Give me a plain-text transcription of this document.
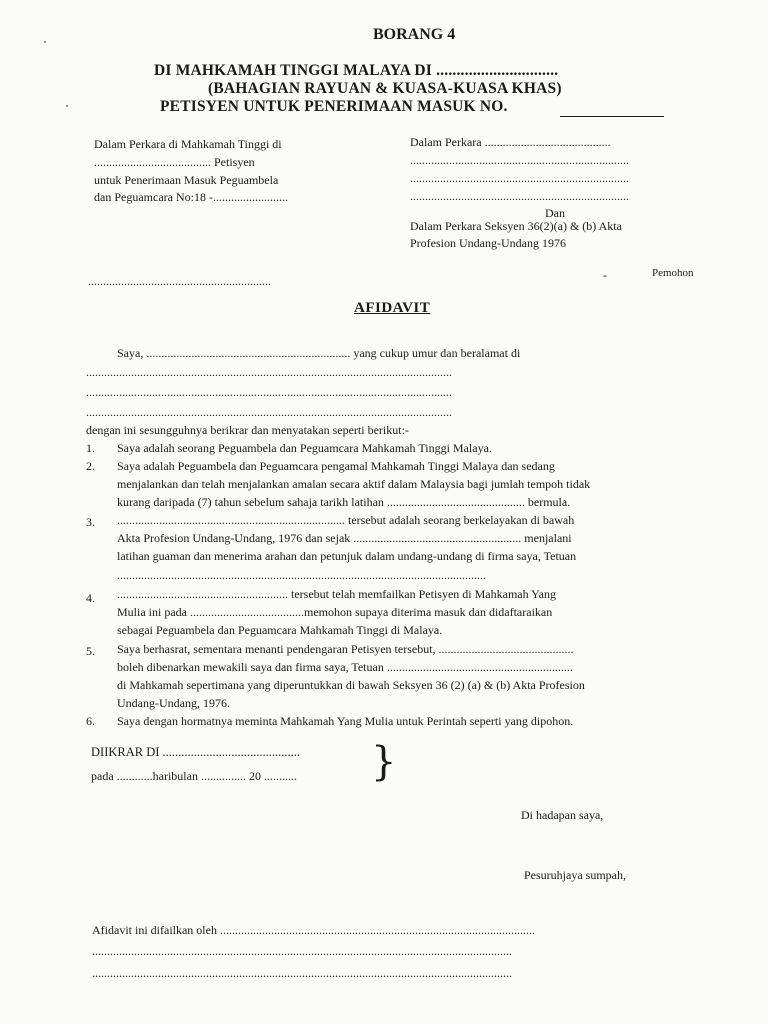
BORANG 4
DI MAHKAMAH TINGGI MALAYA DI ..............................
(BAHAGIAN RAYUAN & KUASA-KUASA KHAS)
PETISYEN UNTUK PENERIMAAN MASUK NO.
Dalam Perkara di Mahkamah Tinggi di
....................................... Petisyen
untuk Penerimaan Masuk Peguambela
dan Peguamcara No:18 -.........................
.............................................................
Dalam Perkara ..........................................
.........................................................................
.........................................................................
.........................................................................
Dan
Dalam Perkara Seksyen 36(2)(a) & (b) Akta
Profesion Undang-Undang 1976
-	Pemohon
AFIDAVIT
Saya, .................................................................... yang cukup umur dan beralamat di
..........................................................................................................................
..........................................................................................................................
..........................................................................................................................
dengan ini sesungguhnya berikrar dan menyatakan seperti berikut:-
1. Saya adalah seorang Peguambela dan Peguamcara Mahkamah Tinggi Malaya.
2. Saya adalah Peguambela dan Peguamcara pengamal Mahkamah Tinggi Malaya dan sedang
menjalankan dan telah menjalankan amalan secara aktif dalam Malaysia bagi jumlah tempoh tidak
kurang daripada (7) tahun sebelum sahaja tarikh latihan .............................................. bermula.
3. ............................................................................ tersebut adalah seorang berkelayakan di bawah
Akta Profesion Undang-Undang, 1976 dan sejak ........................................................ menjalani
latihan guaman dan menerima arahan dan petunjuk dalam undang-undang di firma saya, Tetuan
...........................................................................................................................
4. ......................................................... tersebut telah memfailkan Petisyen di Mahkamah Yang
Mulia ini pada ......................................memohon supaya diterima masuk dan didaftaraikan
sebagai Peguambela dan Peguamcara Mahkamah Tinggi di Malaya.
5. Saya berhasrat, sementara menanti pendengaran Petisyen tersebut, .............................................
boleh dibenarkan mewakili saya dan firma saya, Tetuan ..............................................................
di Mahkamah sepertimana yang diperuntukkan di bawah Seksyen 36 (2) (a) & (b) Akta Profesion
Undang-Undang, 1976.
6. Saya dengan hormatnya meminta Mahkamah Yang Mulia untuk Perintah seperti yang dipohon.
DIIKRAR DI ............................................
pada ............haribulan ............... 20 ........... }
Di hadapan saya,
Pesuruhjaya sumpah,
Afidavit ini difailkan oleh .........................................................................................................
............................................................................................................................................
............................................................................................................................................
